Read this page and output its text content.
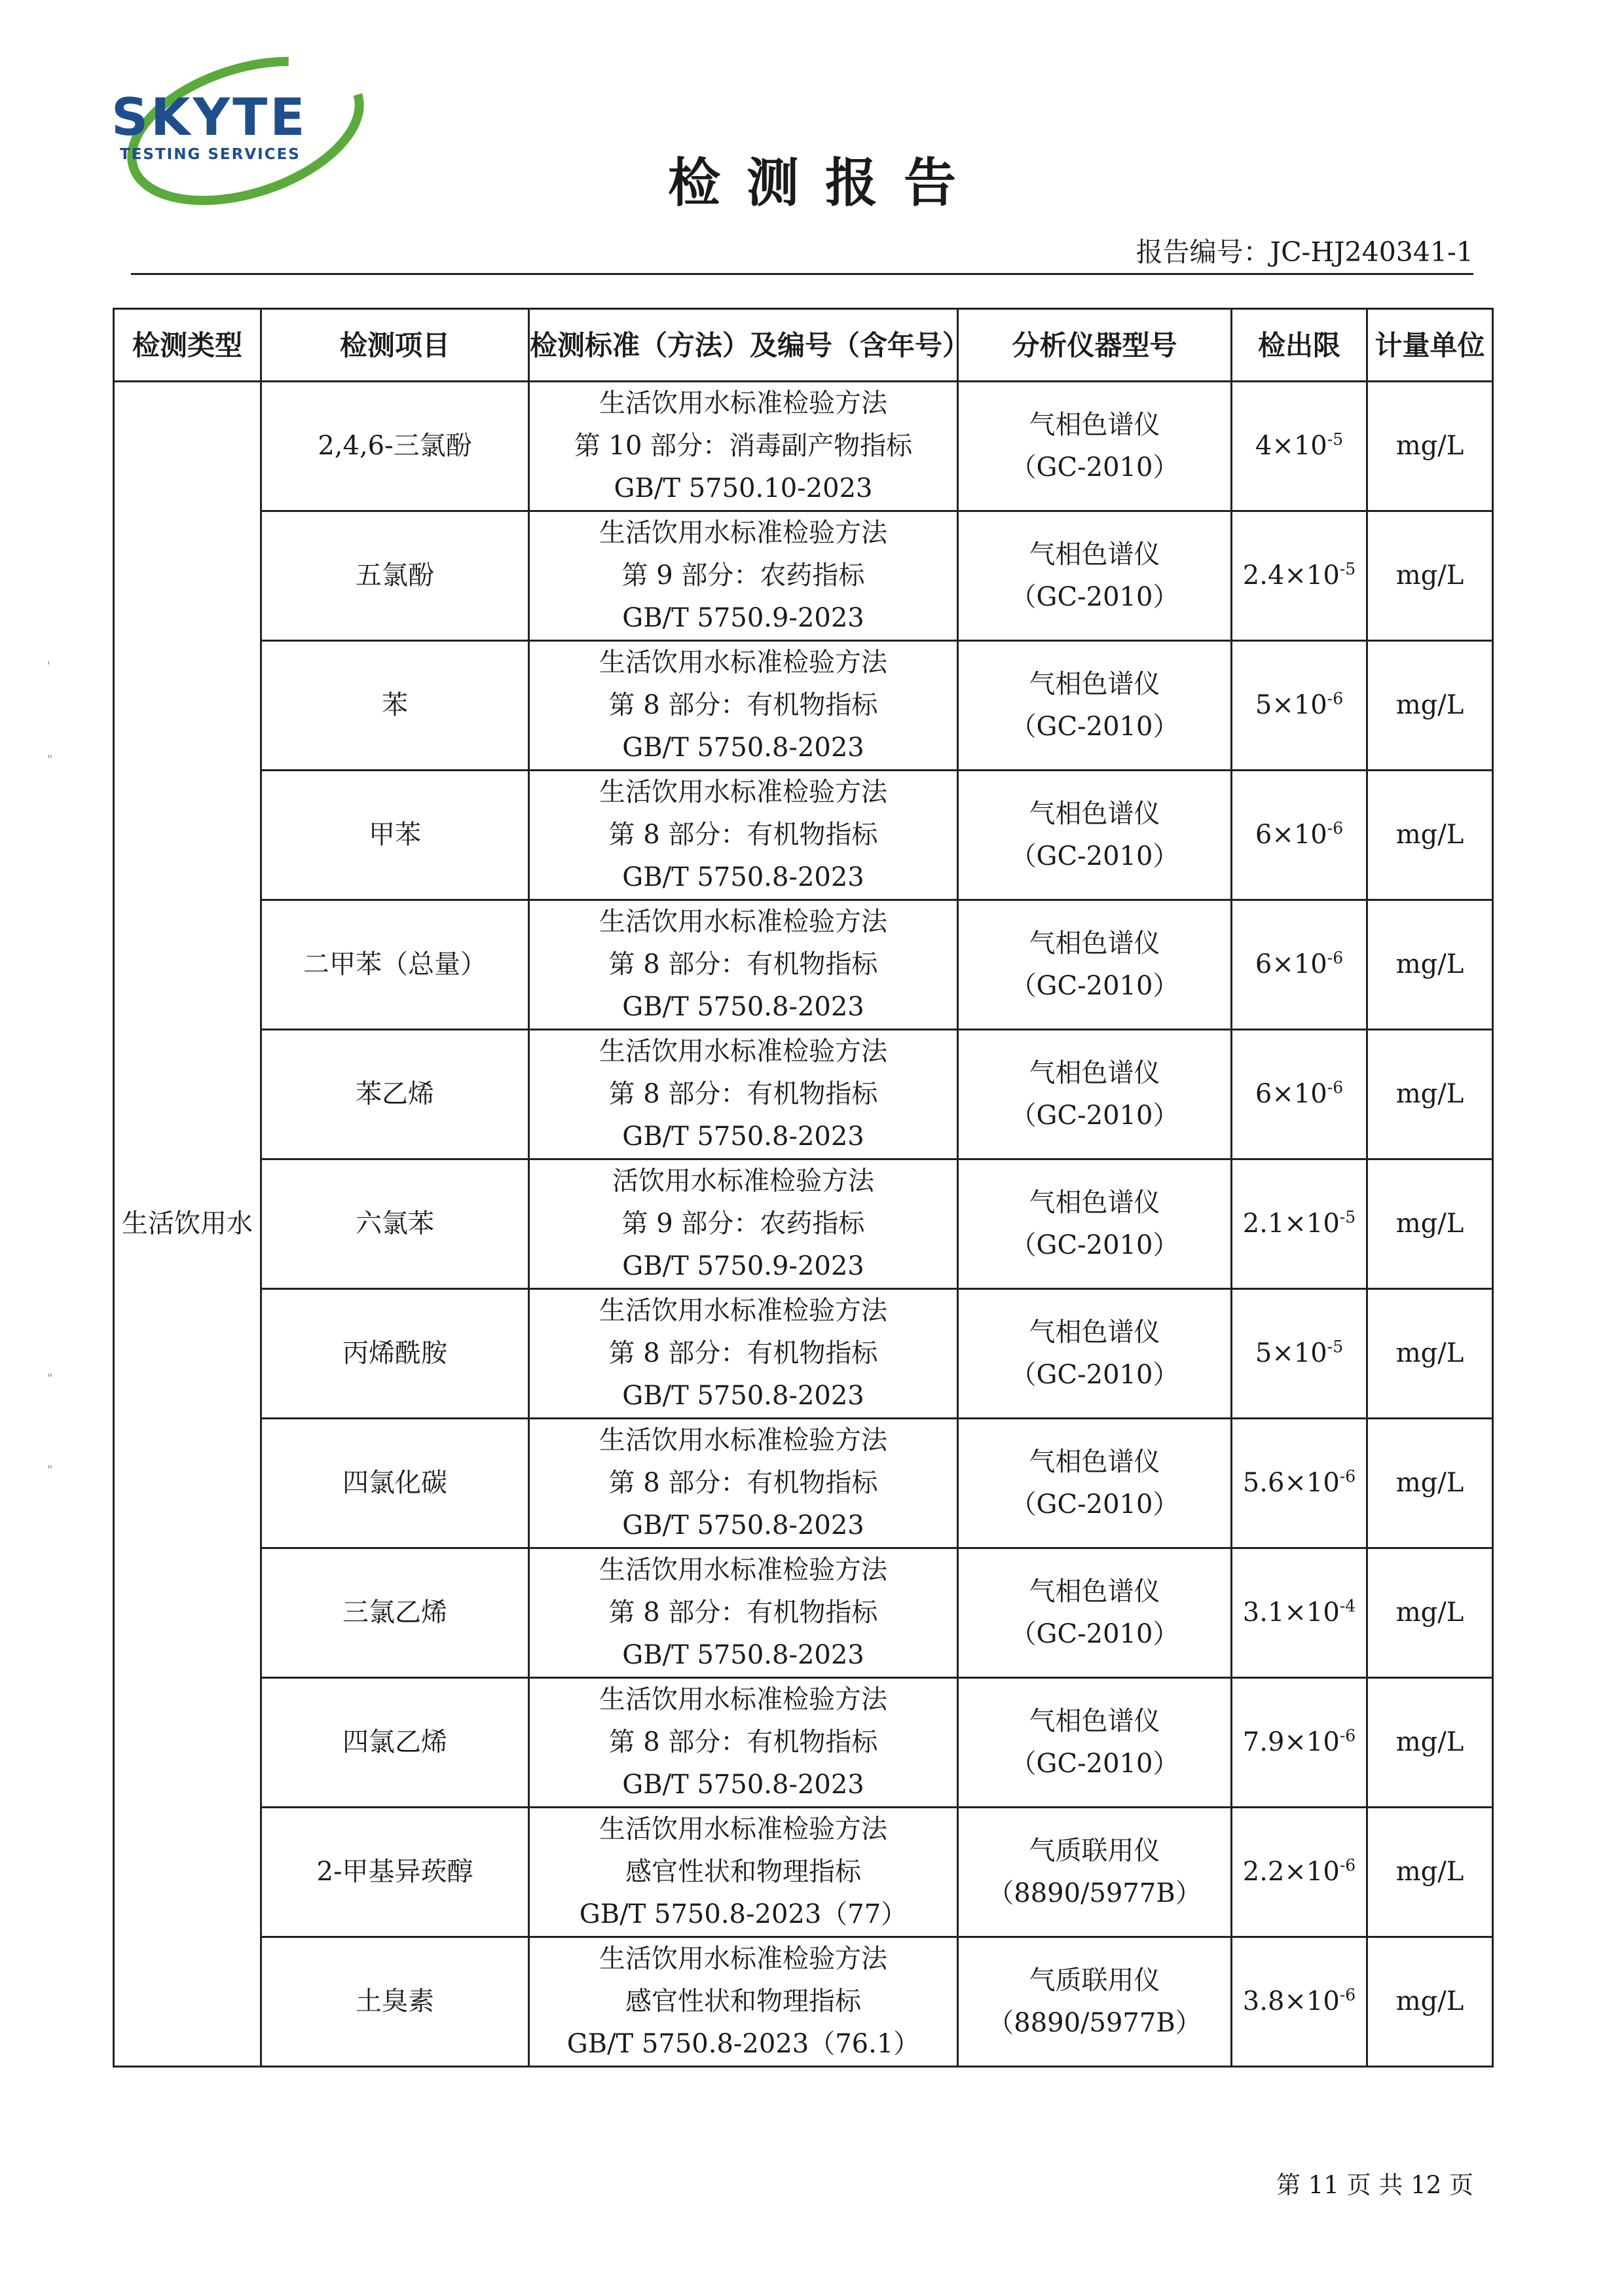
SKYTE
TESTING SERVICES	检测报告
报告编号：JC-HJ240341-1
检测类型	检测项目	检测标准（方法）及编号（含年号）	分析仪器型号	检出限	计量单位
生活饮用水	2,4,6-三氯酚	生活饮用水标准检验方法
第 10 部分：消毒副产物指标
GB/T 5750.10-2023	气相色谱仪
（GC-2010）	$4\times 10^{-5}$	mg/L
	五氯酚	生活饮用水标准检验方法
第 9 部分：农药指标
GB/T 5750.9-2023	气相色谱仪
（GC-2010）	$2.4\times 10^{-5}$	mg/L
	苯	生活饮用水标准检验方法
第 8 部分：有机物指标
GB/T 5750.8-2023	气相色谱仪
（GC-2010）	$5\times 10^{-6}$	mg/L
	甲苯	生活饮用水标准检验方法
第 8 部分：有机物指标
GB/T 5750.8-2023	气相色谱仪
（GC-2010）	$6\times 10^{-6}$	mg/L
	二甲苯（总量）	生活饮用水标准检验方法
第 8 部分：有机物指标
GB/T 5750.8-2023	气相色谱仪
（GC-2010）	$6\times 10^{-6}$	mg/L
	苯乙烯	生活饮用水标准检验方法
第 8 部分：有机物指标
GB/T 5750.8-2023	气相色谱仪
（GC-2010）	$6\times 10^{-6}$	mg/L
	六氯苯	活饮用水标准检验方法
第 9 部分：农药指标
GB/T 5750.9-2023	气相色谱仪
（GC-2010）	$2.1\times 10^{-5}$	mg/L
	丙烯酰胺	生活饮用水标准检验方法
第 8 部分：有机物指标
GB/T 5750.8-2023	气相色谱仪
（GC-2010）	$5\times 10^{-5}$	mg/L
	四氯化碳	生活饮用水标准检验方法
第 8 部分：有机物指标
GB/T 5750.8-2023	气相色谱仪
（GC-2010）	$5.6\times 10^{-6}$	mg/L
	三氯乙烯	生活饮用水标准检验方法
第 8 部分：有机物指标
GB/T 5750.8-2023	气相色谱仪
（GC-2010）	$3.1\times 10^{-4}$	mg/L
	四氯乙烯	生活饮用水标准检验方法
第 8 部分：有机物指标
GB/T 5750.8-2023	气相色谱仪
（GC-2010）	$7.9\times 10^{-6}$	mg/L
	2-甲基异莰醇	生活饮用水标准检验方法
感官性状和物理指标
GB/T 5750.8-2023（77）	气质联用仪
（8890/5977B）	$2.2\times 10^{-6}$	mg/L
	土臭素	生活饮用水标准检验方法
感官性状和物理指标
GB/T 5750.8-2023（76.1）	气质联用仪
（8890/5977B）	$3.8\times 10^{-6}$	mg/L
'
"
"
"
第 11 页 共 12 页
